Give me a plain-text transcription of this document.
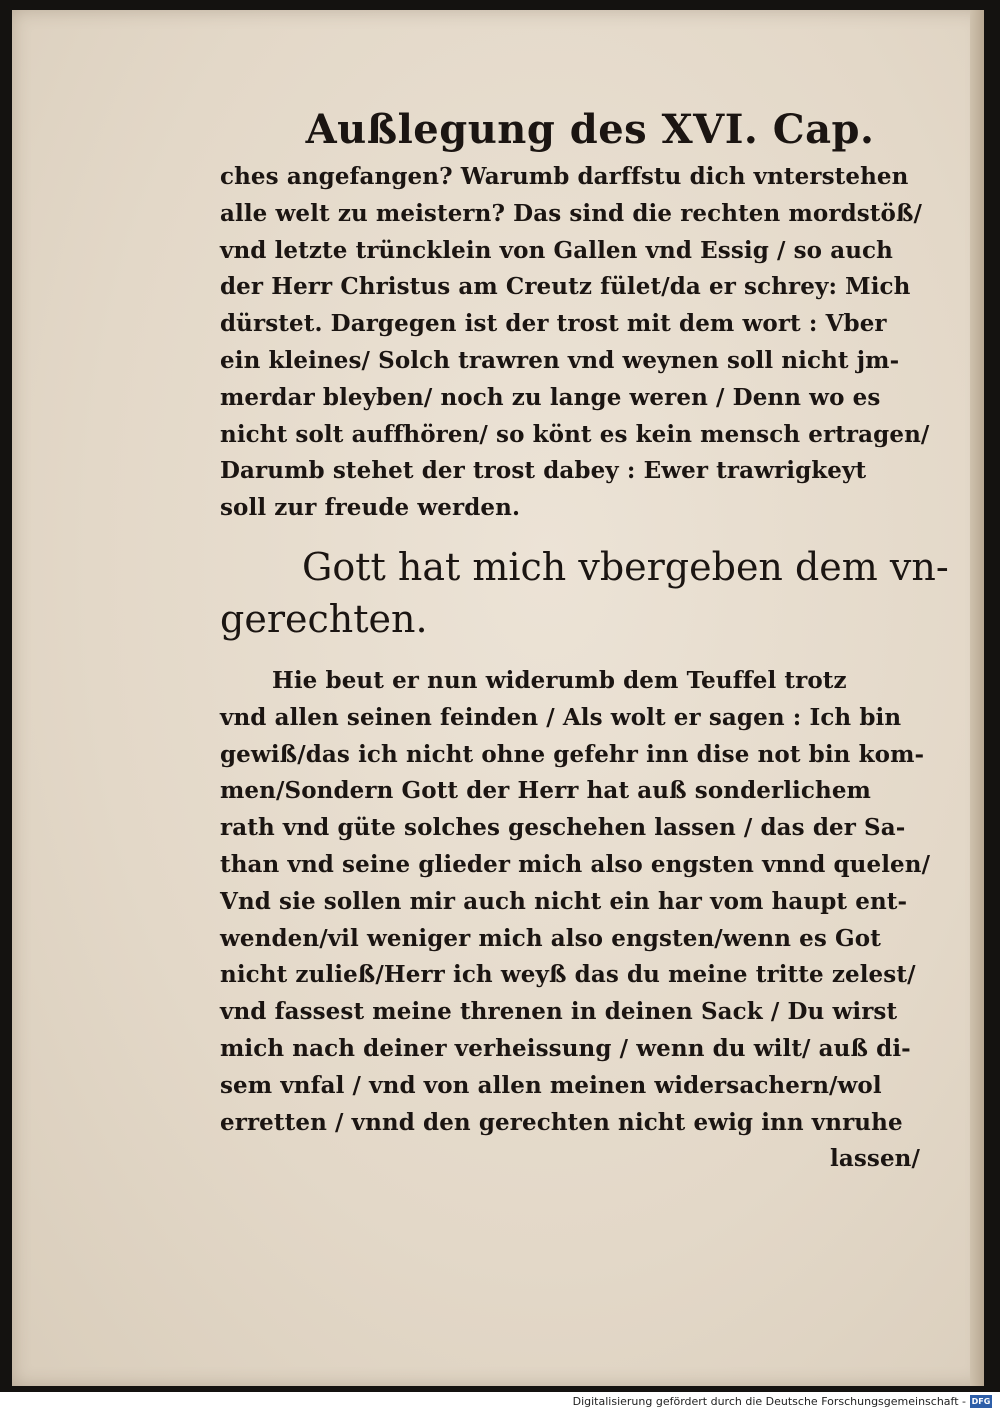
Außlegung des XVI. Cap.
ches angefangen? Warumb darffstu dich vnterstehen
alle welt zu meistern? Das sind die rechten mordstöß/
vnd letzte trüncklein von Gallen vnd Essig / so auch
der Herr Christus am Creutz fület/da er schrey: Mich
dürstet. Dargegen ist der trost mit dem wort : Vber
ein kleines/ Solch trawren vnd weynen soll nicht jm-
merdar bleyben/ noch zu lange weren / Denn wo es
nicht solt auffhören/ so könt es kein mensch ertragen/
Darumb stehet der trost dabey : Ewer trawrigkeyt
soll zur freude werden.
Gott hat mich vbergeben dem vn-
gerechten.
Hie beut er nun widerumb dem Teuffel trotz
vnd allen seinen feinden / Als wolt er sagen : Ich bin
gewiß/das ich nicht ohne gefehr inn dise not bin kom-
men/Sondern Gott der Herr hat auß sonderlichem
rath vnd güte solches geschehen lassen / das der Sa-
than vnd seine glieder mich also engsten vnnd quelen/
Vnd sie sollen mir auch nicht ein har vom haupt ent-
wenden/vil weniger mich also engsten/wenn es Got
nicht zuließ/Herr ich weyß das du meine tritte zelest/
vnd fassest meine threnen in deinen Sack / Du wirst
mich nach deiner verheissung / wenn du wilt/ auß di-
sem vnfal / vnd von allen meinen widersachern/wol
erretten / vnnd den gerechten nicht ewig inn vnruhe
lassen/
Digitalisierung gefördert durch die Deutsche Forschungsgemeinschaft - DFG
